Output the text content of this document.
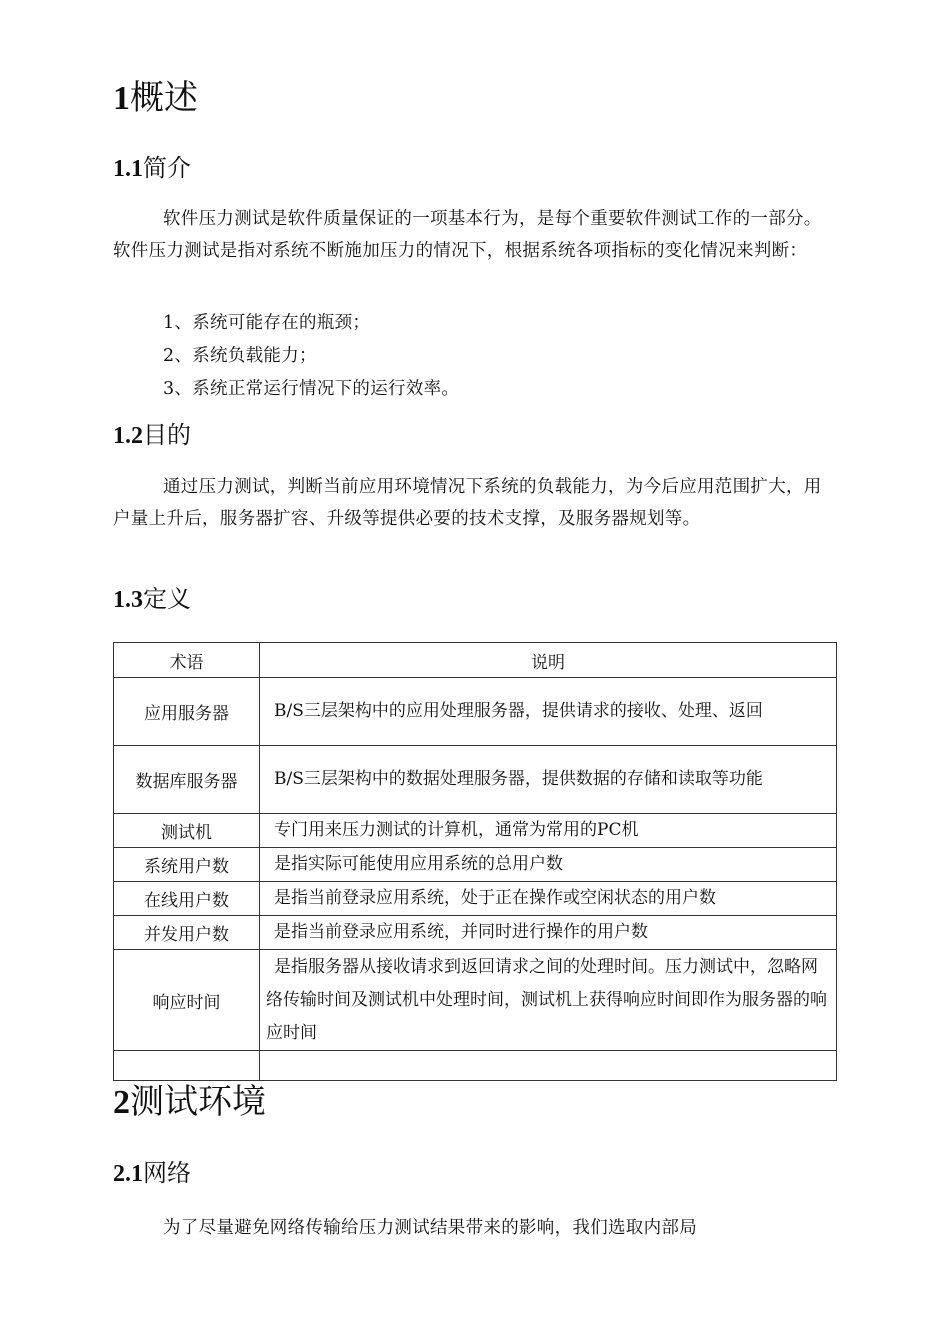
1概述
1.1简介

软件压力测试是软件质量保证的一项基本行为，是每个重要软件测试工作的一部分。软件压力测试是指对系统不断施加压力的情况下，根据系统各项指标的变化情况来判断：

1、系统可能存在的瓶颈；
2、系统负载能力；
3、系统正常运行情况下的运行效率。
1.2目的

通过压力测试，判断当前应用环境情况下系统的负载能力，为今后应用范围扩大，用户量上升后，服务器扩容、升级等提供必要的技术支撑，及服务器规划等。

1.3定义
术语	说明
应用服务器	B/S三层架构中的应用处理服务器，提供请求的接收、处理、返回

数据库服务器	B/S三层架构中的数据处理服务器，提供数据的存储和读取等功能

测试机	专门用来压力测试的计算机，通常为常用的PC机

系统用户数	是指实际可能使用应用系统的总用户数

在线用户数	是指当前登录应用系统，处于正在操作或空闲状态的用户数

并发用户数	是指当前登录应用系统，并同时进行操作的用户数

响应时间	是指服务器从接收请求到返回请求之间的处理时间。压力测试中，忽略网络传输时间及测试机中处理时间，测试机上获得响应时间即作为服务器的响应时间

2测试环境
2.1网络

为了尽量避免网络传输给压力测试结果带来的影响，我们选取内部局
